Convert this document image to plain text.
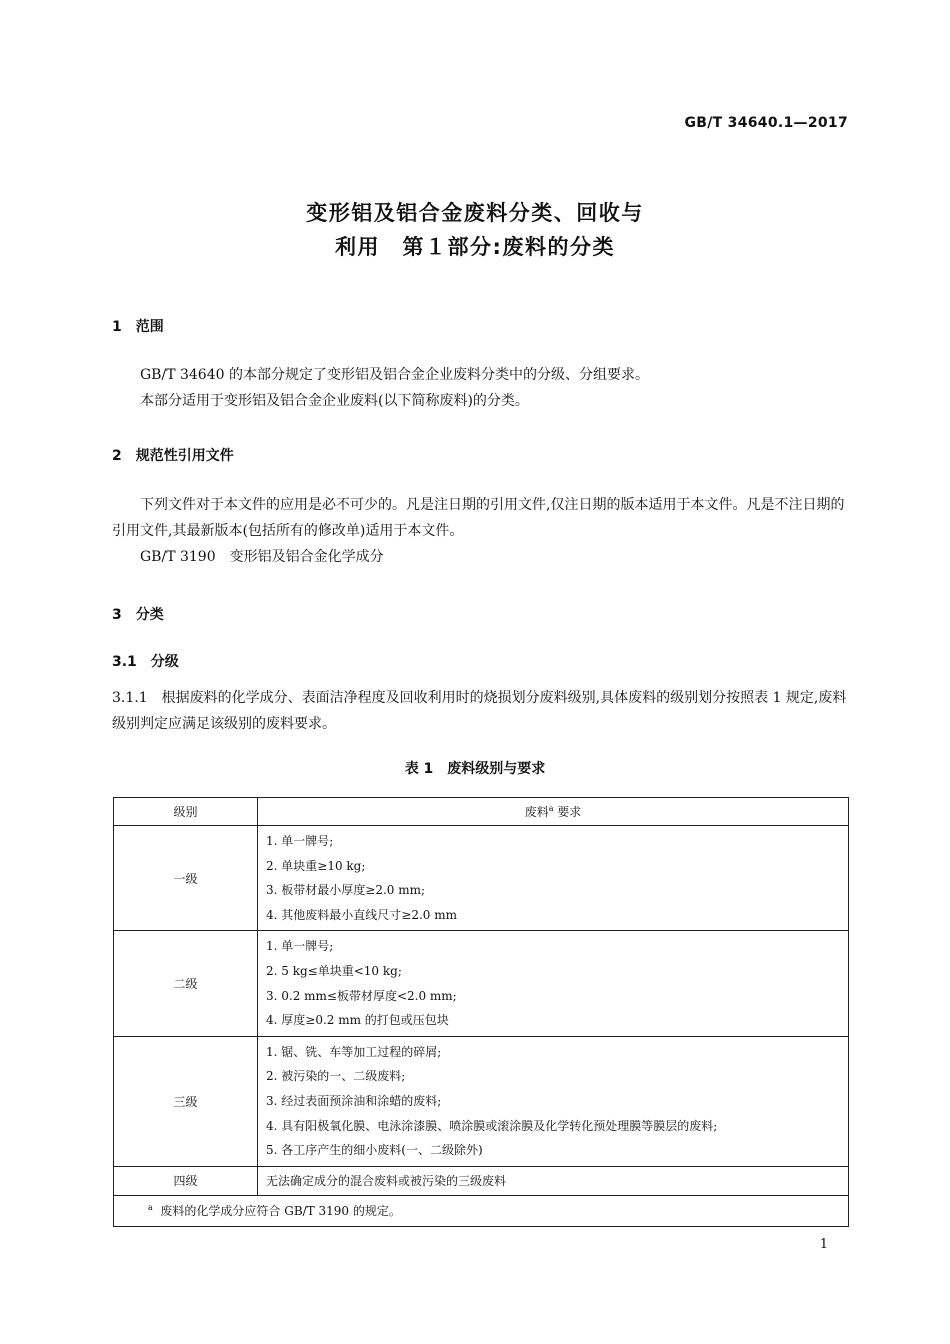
GB/T 34640.1—2017
变形铝及铝合金废料分类、回收与
利用　第１部分:废料的分类
1　范围

GB/T 34640 的本部分规定了变形铝及铝合金企业废料分类中的分级、分组要求。

本部分适用于变形铝及铝合金企业废料(以下简称废料)的分类。

2　规范性引用文件

下列文件对于本文件的应用是必不可少的。凡是注日期的引用文件,仅注日期的版本适用于本文件。凡是不注日期的引用文件,其最新版本(包括所有的修改单)适用于本文件。

GB/T 3190　变形铝及铝合金化学成分

3　分类
3.1　分级

3.1.1　根据废料的化学成分、表面洁净程度及回收利用时的烧损划分废料级别,具体废料的级别划分按照表 1 规定,废料级别判定应满足该级别的废料要求。

表 1　废料级别与要求
级别	废料$^a$ 要求
一级	1. 单一牌号;
2. 单块重≥10 kg;
3. 板带材最小厚度≥2.0 mm;
4. 其他废料最小直线尺寸≥2.0 mm

二级	1. 单一牌号;
2. 5 kg≤单块重<10 kg;
3. 0.2 mm≤板带材厚度<2.0 mm;
4. 厚度≥0.2 mm 的打包或压包块

三级	1. 锯、铣、车等加工过程的碎屑;
2. 被污染的一、二级废料;
3. 经过表面预涂油和涂蜡的废料;
4. 具有阳极氧化膜、电泳涂漆膜、喷涂膜或滚涂膜及化学转化预处理膜等膜层的废料;
5. 各工序产生的细小废料(一、二级除外)

四级	无法确定成分的混合废料或被污染的三级废料
$^a$ 废料的化学成分应符合 GB/T 3190 的规定。	
1
